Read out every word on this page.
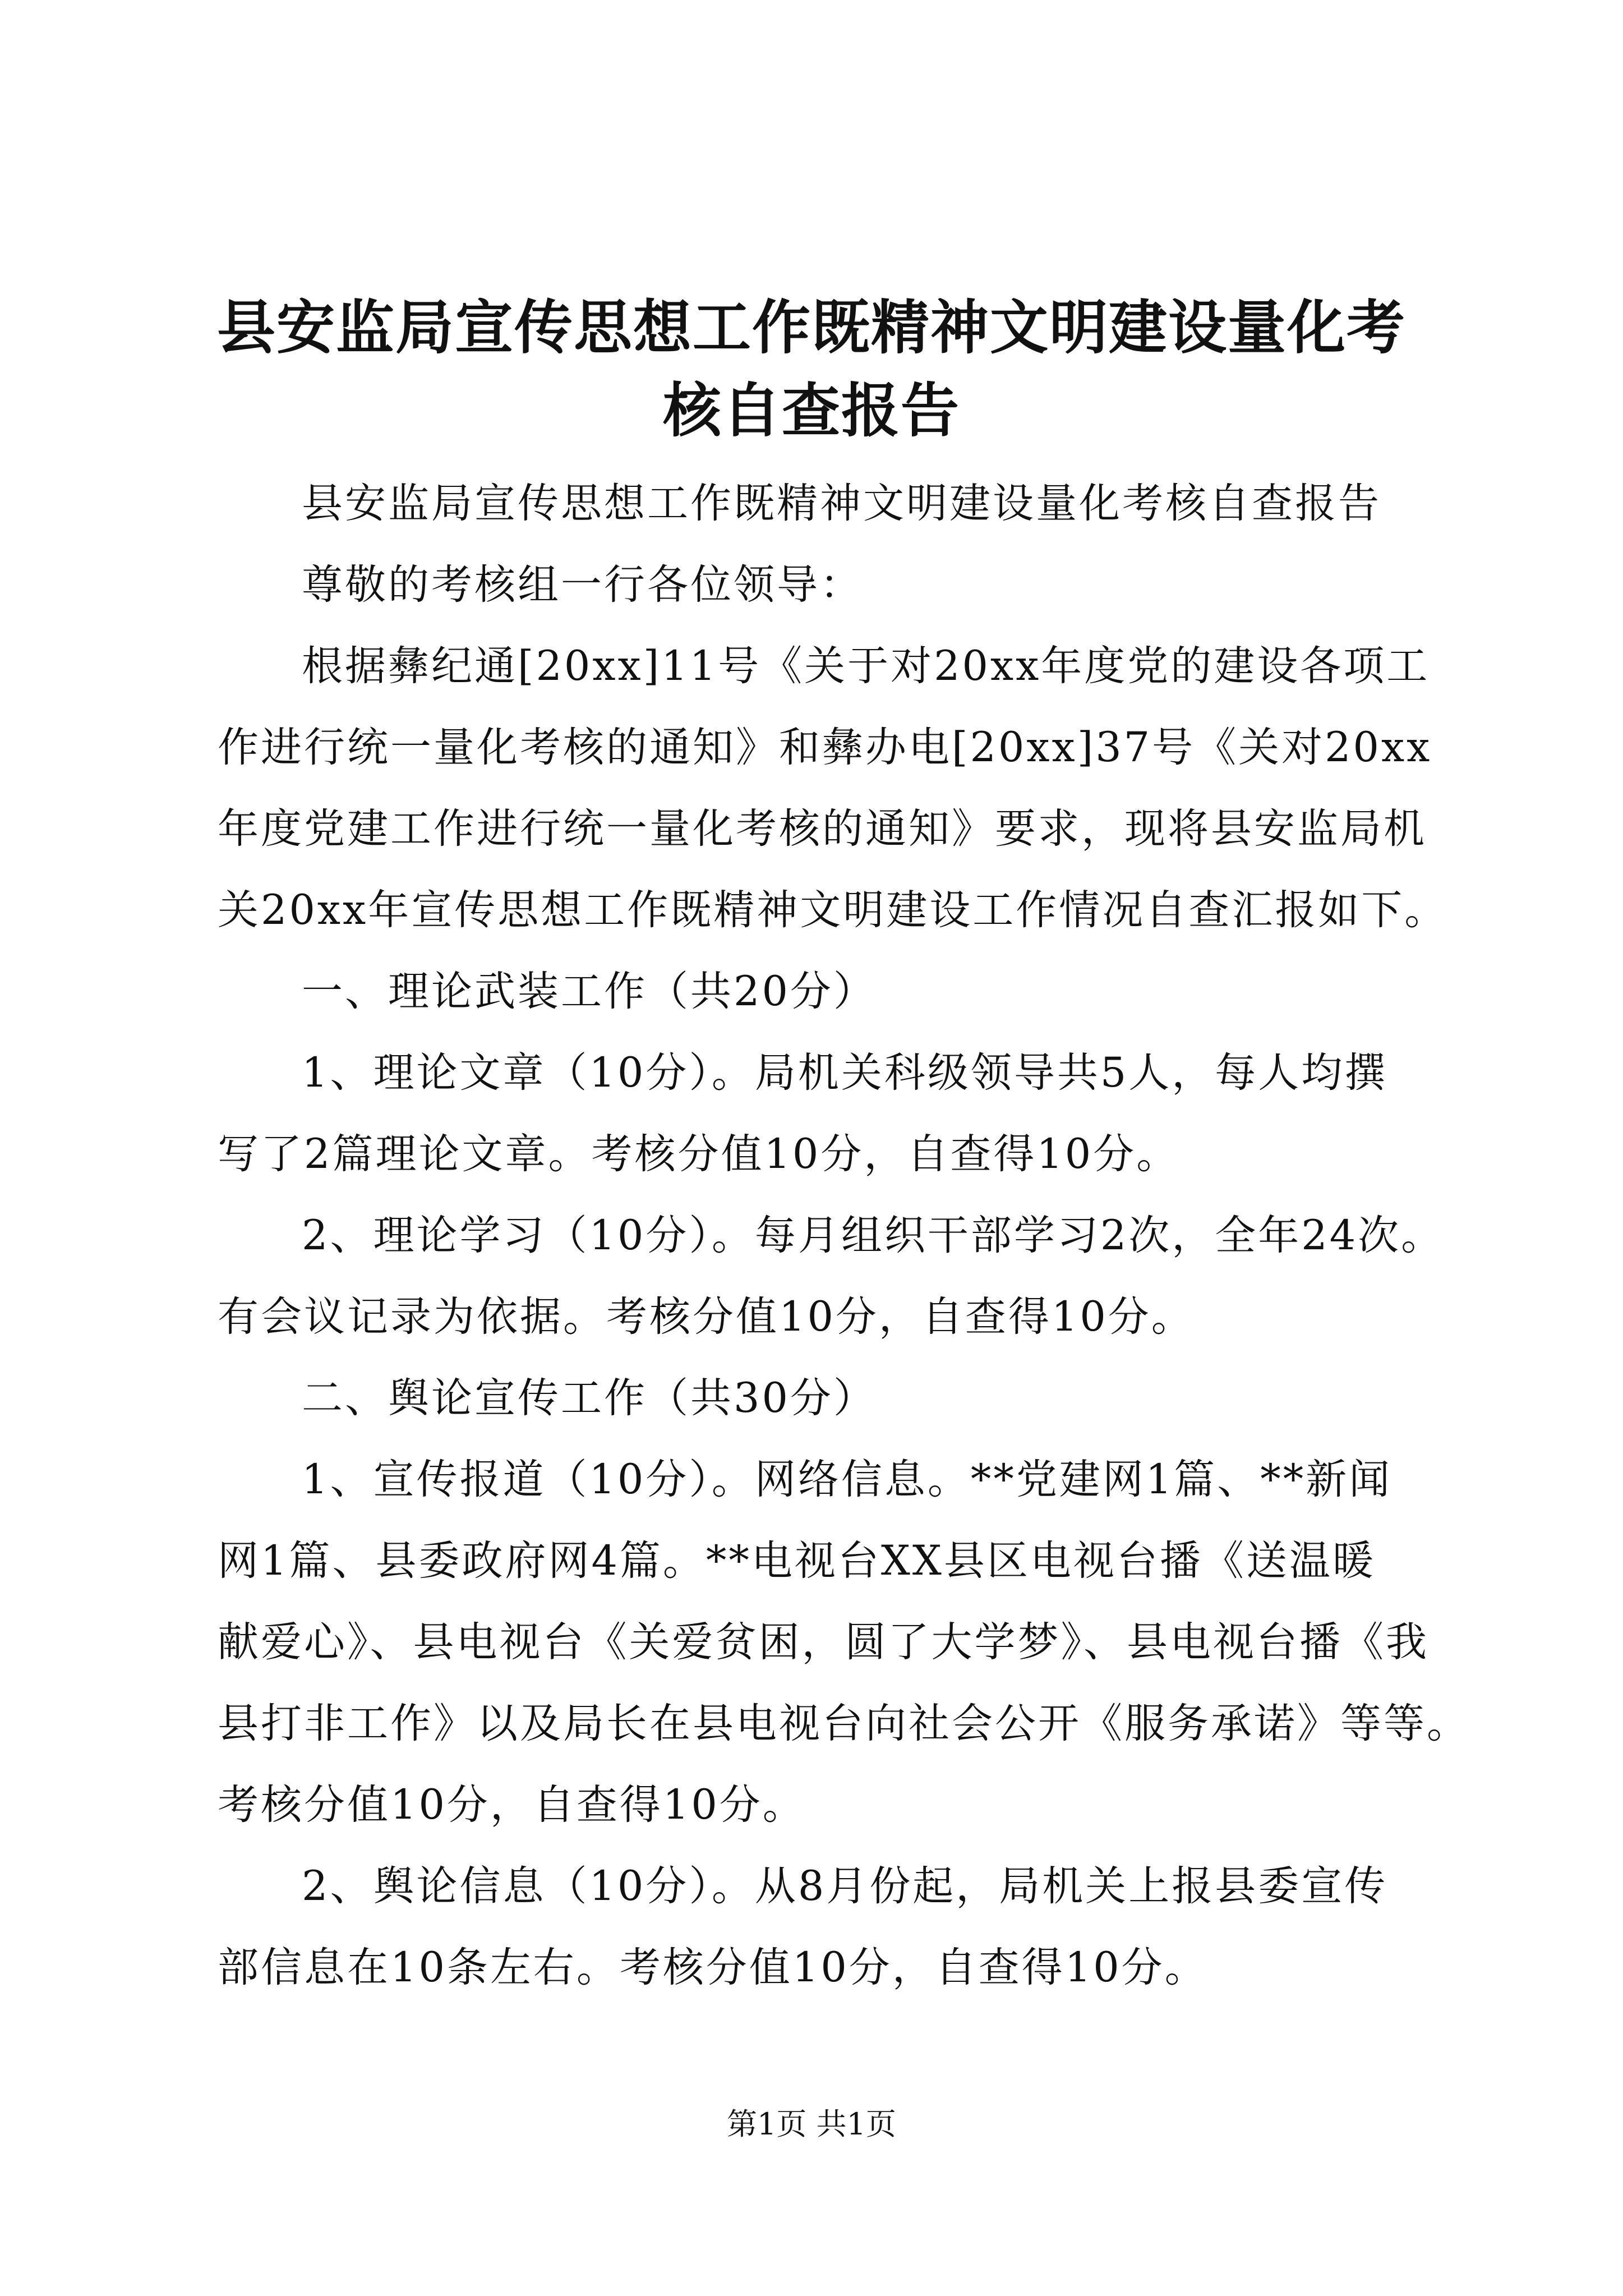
县安监局宣传思想工作既精神文明建设量化考
核自查报告

县安监局宣传思想工作既精神文明建设量化考核自查报告

尊敬的考核组一行各位领导：

根据彝纪通[20xx]11号《关于对20xx年度党的建设各项工

作进行统一量化考核的通知》和彝办电[20xx]37号《关对20xx

年度党建工作进行统一量化考核的通知》要求，现将县安监局机

关20xx年宣传思想工作既精神文明建设工作情况自查汇报如下。

一、理论武装工作（共20分）

1、理论文章（10分）。局机关科级领导共5人，每人均撰

写了2篇理论文章。考核分值10分，自查得10分。

2、理论学习（10分）。每月组织干部学习2次，全年24次。

有会议记录为依据。考核分值10分，自查得10分。

二、舆论宣传工作（共30分）

1、宣传报道（10分）。网络信息。**党建网1篇、**新闻

网1篇、县委政府网4篇。**电视台XX县区电视台播《送温暖

献爱心》、县电视台《关爱贫困，圆了大学梦》、县电视台播《我

县打非工作》以及局长在县电视台向社会公开《服务承诺》等等。

考核分值10分，自查得10分。

2、舆论信息（10分）。从8月份起，局机关上报县委宣传

部信息在10条左右。考核分值10分，自查得10分。

第1页 共1页
